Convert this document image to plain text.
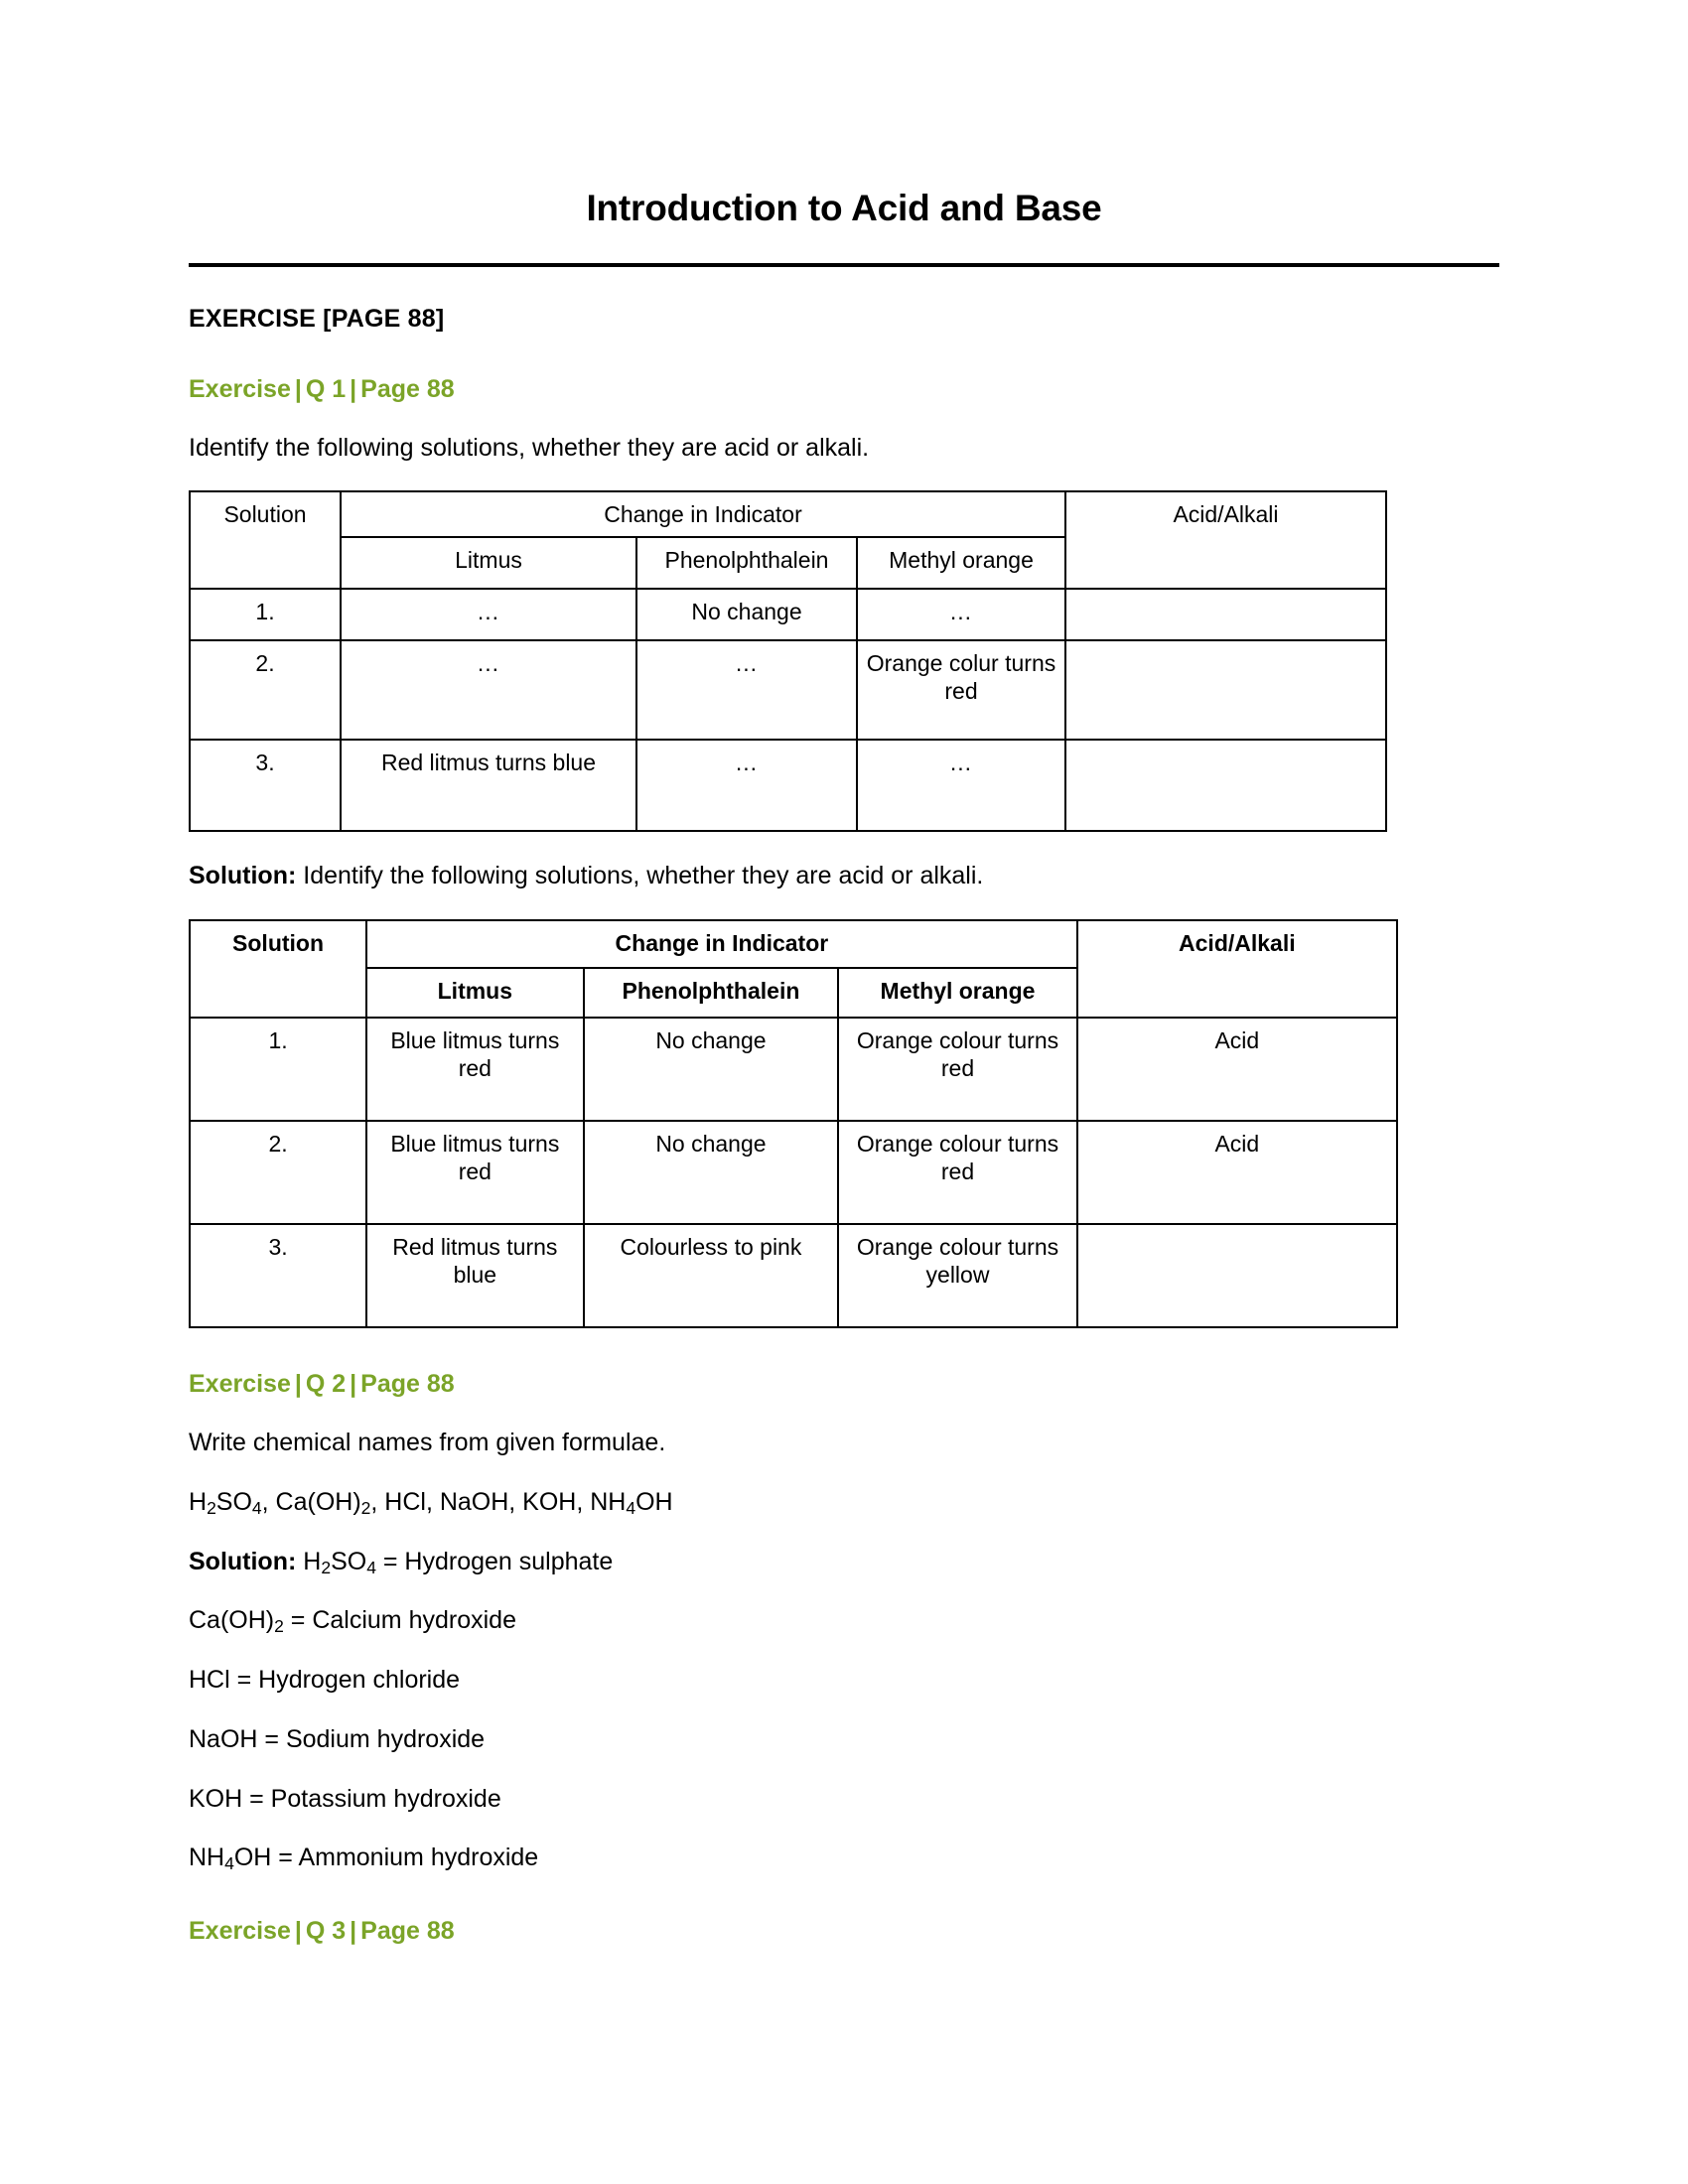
Introduction to Acid and Base
EXERCISE [PAGE 88]
Exercise | Q 1 | Page 88

Identify the following solutions, whether they are acid or alkali.

Solution	Change in Indicator			Acid/Alkali
	Litmus	Phenolphthalein	Methyl orange	
1.	...	No change	...	
2.	...	...	Orange colur turns red	
3.	Red litmus turns blue	...	...	

Solution: Identify the following solutions, whether they are acid or alkali.

Solution	Change in Indicator			Acid/Alkali
	Litmus	Phenolphthalein	Methyl orange	
1.	Blue litmus turns red	No change	Orange colour turns red	Acid
2.	Blue litmus turns red	No change	Orange colour turns red	Acid
3.	Red litmus turns blue	Colourless to pink	Orange colour turns yellow	
Exercise | Q 2 | Page 88

Write chemical names from given formulae.

$H_2SO_4$, $Ca(OH)_2$, HCl, NaOH, KOH, $NH_4OH$

Solution: $H_2SO_4$ = Hydrogen sulphate

$Ca(OH)_2$ = Calcium hydroxide

HCl = Hydrogen chloride

NaOH = Sodium hydroxide

KOH = Potassium hydroxide

$NH_4OH$ = Ammonium hydroxide

Exercise | Q 3 | Page 88
